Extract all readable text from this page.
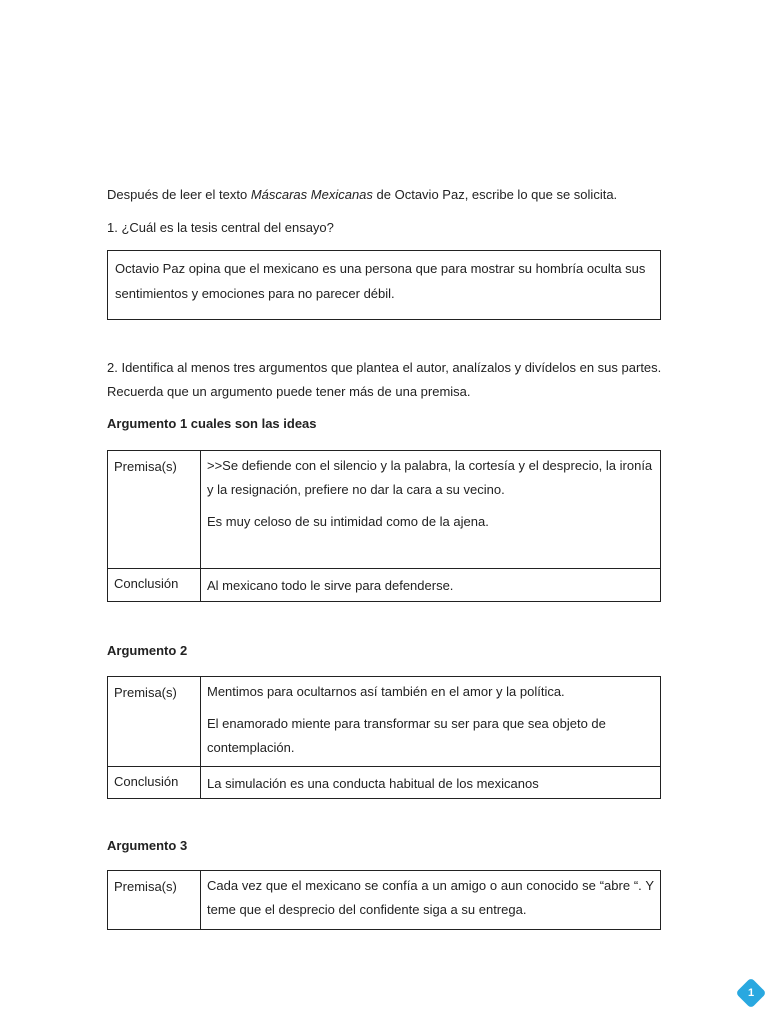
Después de leer el texto Máscaras Mexicanas de Octavio Paz, escribe lo que se solicita.

1. ¿Cuál es la tesis central del ensayo?

Octavio Paz opina que el mexicano es una persona que para mostrar su hombría oculta sus sentimientos y emociones para no parecer débil.

2. Identifica al menos tres argumentos que plantea el autor, analízalos y divídelos en sus partes. Recuerda que un argumento puede tener más de una premisa.

Argumento 1 cuales son las ideas

Premisa(s)	>>Se defiende con el silencio y la palabra, la cortesía y el desprecio, la ironía y la resignación, prefiere no dar la cara a su vecino.

Es muy celoso de su intimidad como de la ajena.

Conclusión	Al mexicano todo le sirve para defenderse.

Argumento 2

Premisa(s)	Mentimos para ocultarnos así también en el amor y la política.

El enamorado miente para transformar su ser para que sea objeto de contemplación.

Conclusión	La simulación es una conducta habitual de los mexicanos

Argumento 3

Premisa(s)	Cada vez que el mexicano se confía a un amigo o aun conocido se “abre “. Y teme que el desprecio del confidente siga a su entrega.

1
